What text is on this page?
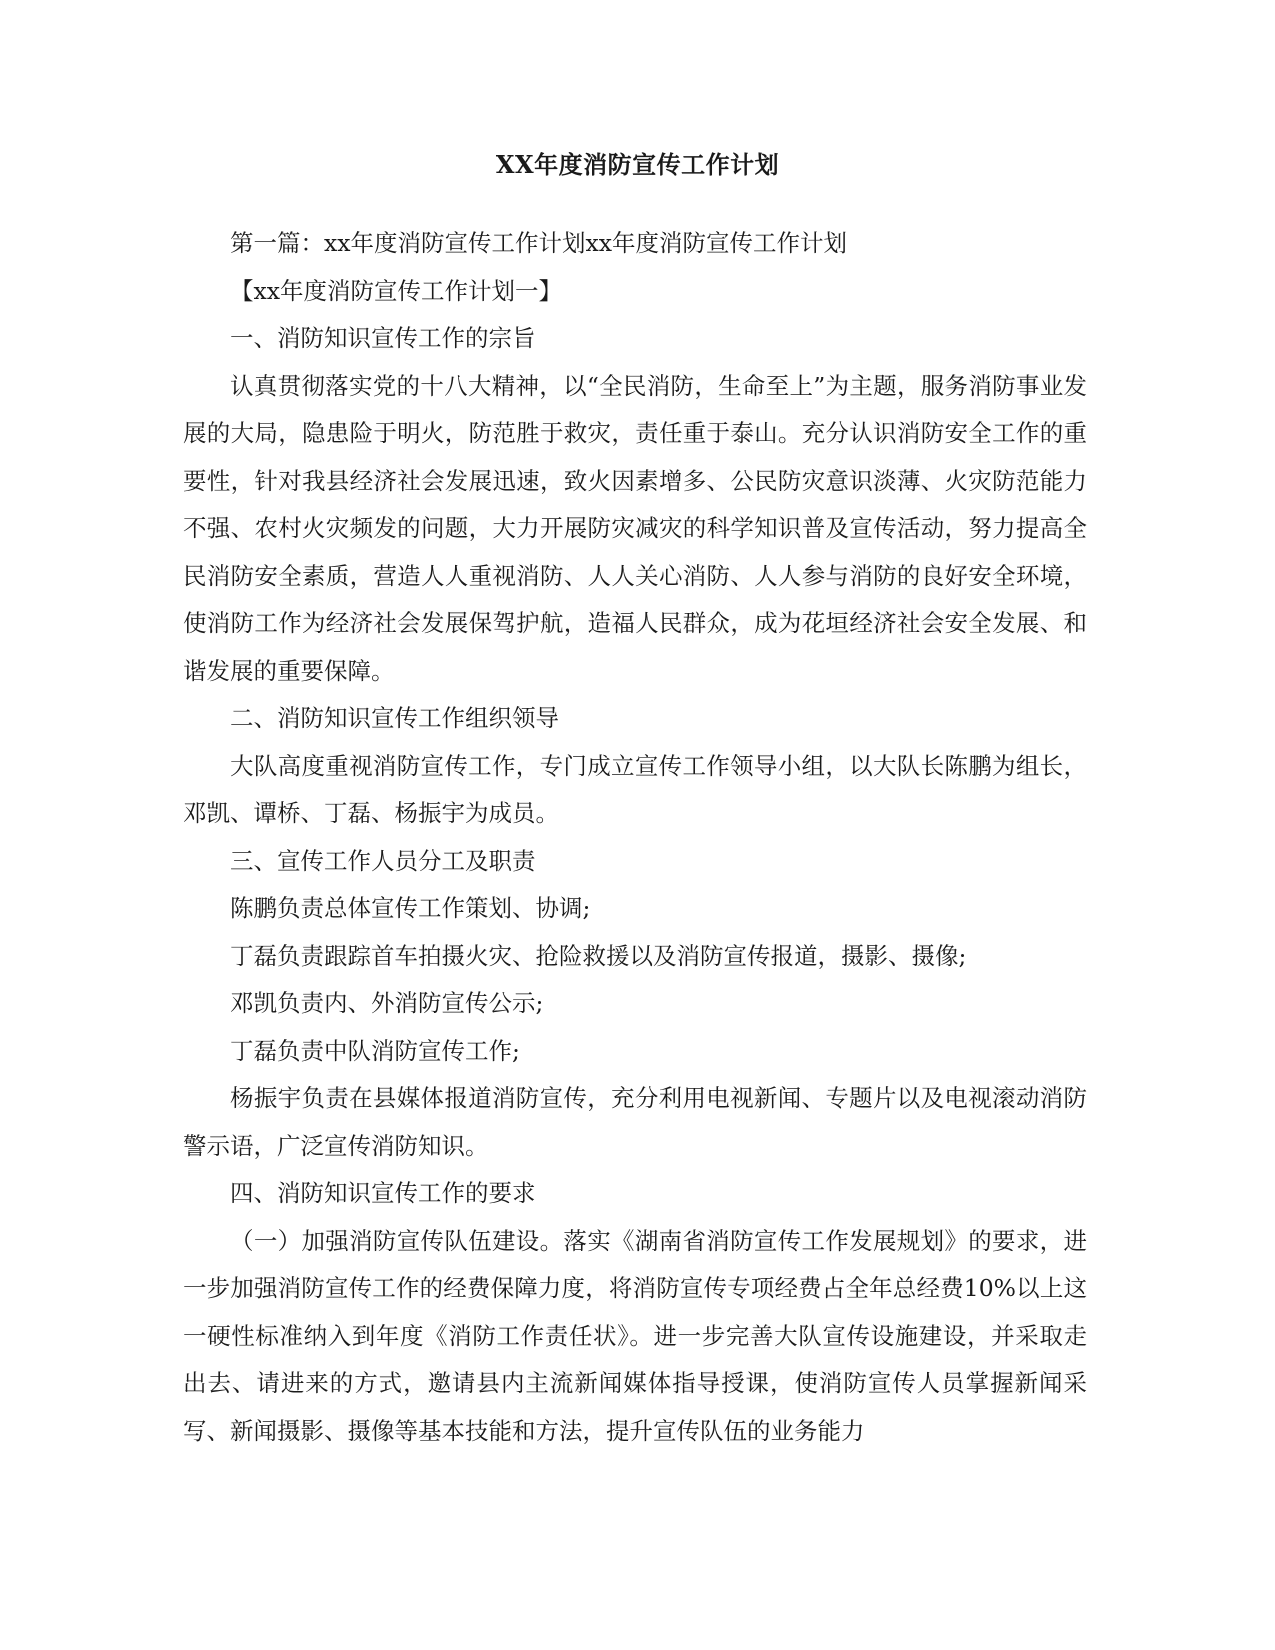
XX年度消防宣传工作计划

第一篇：xx年度消防宣传工作计划xx年度消防宣传工作计划

【xx年度消防宣传工作计划一】

一、消防知识宣传工作的宗旨

认真贯彻落实党的十八大精神，以“全民消防，生命至上”为主题，服务消防事业发展的大局，隐患险于明火，防范胜于救灾，责任重于泰山。充分认识消防安全工作的重要性，针对我县经济社会发展迅速，致火因素增多、公民防灾意识淡薄、火灾防范能力不强、农村火灾频发的问题，大力开展防灾减灾的科学知识普及宣传活动，努力提高全民消防安全素质，营造人人重视消防、人人关心消防、人人参与消防的良好安全环境，使消防工作为经济社会发展保驾护航，造福人民群众，成为花垣经济社会安全发展、和谐发展的重要保障。

二、消防知识宣传工作组织领导

大队高度重视消防宣传工作，专门成立宣传工作领导小组，以大队长陈鹏为组长，邓凯、谭桥、丁磊、杨振宇为成员。

三、宣传工作人员分工及职责

陈鹏负责总体宣传工作策划、协调;

丁磊负责跟踪首车拍摄火灾、抢险救援以及消防宣传报道，摄影、摄像;

邓凯负责内、外消防宣传公示;

丁磊负责中队消防宣传工作;

杨振宇负责在县媒体报道消防宣传，充分利用电视新闻、专题片以及电视滚动消防警示语，广泛宣传消防知识。

四、消防知识宣传工作的要求

（一）加强消防宣传队伍建设。落实《湖南省消防宣传工作发展规划》的要求，进一步加强消防宣传工作的经费保障力度，将消防宣传专项经费占全年总经费10%以上这一硬性标准纳入到年度《消防工作责任状》。进一步完善大队宣传设施建设，并采取走出去、请进来的方式，邀请县内主流新闻媒体指导授课，使消防宣传人员掌握新闻采写、新闻摄影、摄像等基本技能和方法，提升宣传队伍的业务能力
